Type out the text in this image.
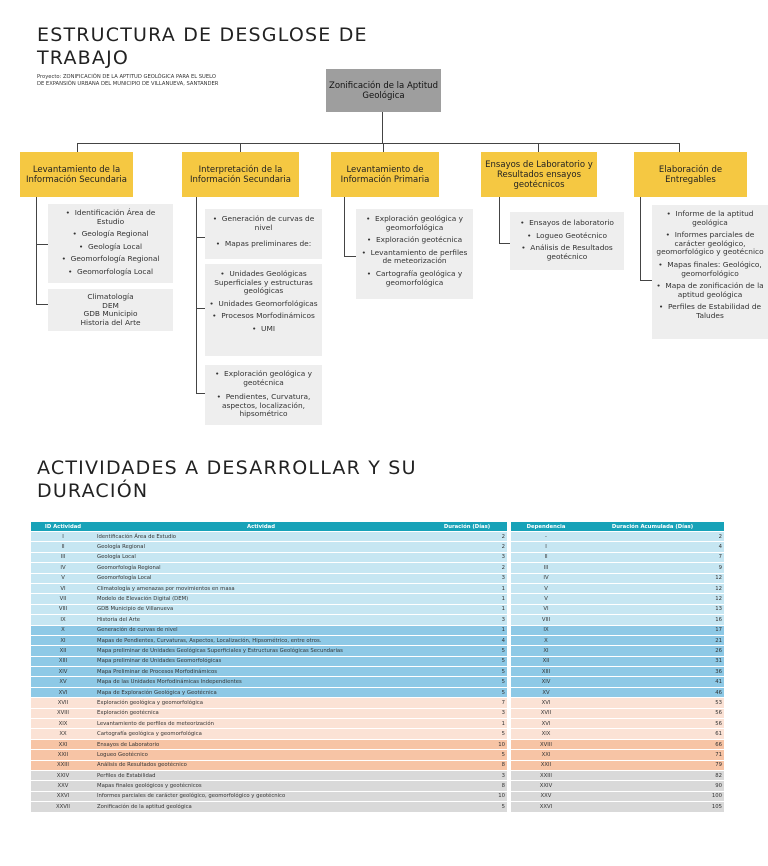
ESTRUCTURA DE DESGLOSE DE
TRABAJO
Proyecto: ZONIFICACIÓN DE LA APTITUD GEOLÓGICA PARA EL SUELO
DE EXPANSIÓN URBANA DEL MUNICIPIO DE VILLANUEVA, SANTANDER	Zonificación de la Aptitud Geológica
Levantamiento de la Información Secundaria
Interpretación de la Información Secundaria
Levantamiento de Información Primaria
Ensayos de Laboratorio y Resultados ensayos geotécnicos
Elaboración de Entregables
•  Identificación Área de Estudio
•  Geología Regional
•  Geología Local
•  Geomorfología Regional
•  Geomorfología Local

Climatología

DEM

GDB Municipio

Historia del Arte

•  Generación de curvas de nivel
•  Mapas preliminares de:
•  Unidades Geológicas Superficiales y estructuras geológicas
•  Unidades Geomorfológicas
•  Procesos Morfodinámicos
•  UMI
•  Exploración geológica y geotécnica
•  Pendientes, Curvatura, aspectos, localización, hipsométrico
•  Exploración geológica y geomorfológica
•  Exploración geotécnica
•  Levantamiento de perfiles de meteorización
•  Cartografía geológica y geomorfológica
•  Ensayos de laboratorio
•  Logueo Geotécnico
•  Análisis de Resultados geotécnico
•  Informe de la aptitud geológica
•  Informes parciales de carácter geológico, geomorfológico y geotécnico
•  Mapas finales: Geológico, geomorfológico
•  Mapa de zonificación de la aptitud geológica
•  Perfiles de Estabilidad de Taludes
ACTIVIDADES A DESARROLLAR Y SU
DURACIÓN
ID Actividad	Actividad	Duración (Días)		Dependencia	Duración Acumulada (Días)
I	Identificación Área de Estudio	2		-	2
II	Geología Regional	2		I	4
III	Geología Local	3		II	7
IV	Geomorfología Regional	2		III	9
V	Geomorfología Local	3		IV	12
VI	Climatología y amenazas por movimientos en masa	1		V	12
VII	Modelo de Elevación Digital (DEM)	1		V	12
VIII	GDB Municipio de Villanueva	1		VI	13
IX	Historia del Arte	3		VIII	16
X	Generación de curvas de nivel	1		IX	17
XI	Mapas de Pendientes, Curvaturas, Aspectos, Localización, Hipsométrico, entre otros.	4		X	21
XII	Mapa preliminar de Unidades Geológicas Superficiales y Estructuras Geológicas Secundarias	5		XI	26
XIII	Mapa preliminar de Unidades Geomorfológicas	5		XII	31
XIV	Mapa Preliminar de Procesos Morfodinámicos	5		XIII	36
XV	Mapa de las Unidades Morfodinámicas Independientes	5		XIV	41
XVI	Mapa de Exploración Geológica y Geotécnica	5		XV	46
XVII	Exploración geológica y geomorfológica	7		XVI	53
XVIII	Exploración geotécnica	3		XVII	56
XIX	Levantamiento de perfiles de meteorización	1		XVI	56
XX	Cartografía geológica y geomorfológica	5		XIX	61
XXI	Ensayos de Laboratorio	10		XVIII	66
XXII	Logueo Geotécnico	5		XXI	71
XXIII	Análisis de Resultados geotécnico	8		XXII	79
XXIV	Perfiles de Estabilidad	3		XXIII	82
XXV	Mapas finales geológicos y geotécnicos	8		XXIV	90
XXVI	Informes parciales de carácter geológico, geomorfológico y geotécnico	10		XXV	100
XXVII	Zonificación de la aptitud geológica	5		XXVI	105
